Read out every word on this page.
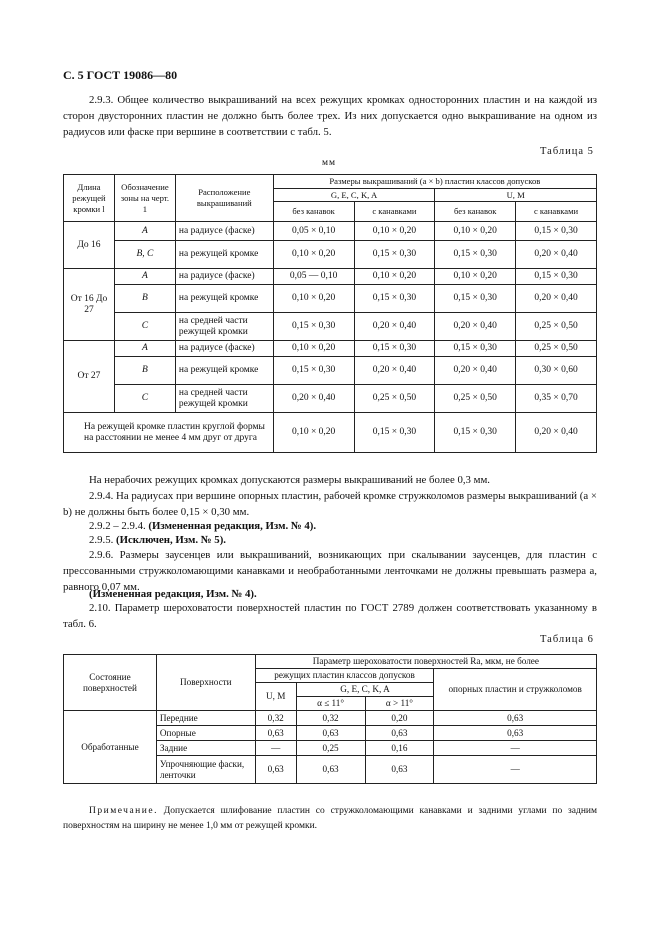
С. 5 ГОСТ 19086—80
2.9.3. Общее количество выкрашиваний на всех режущих кромках односторонних пластин и на каждой из сторон двусторонних пластин не должно быть более трех. Из них допускается одно выкрашивание на одном из радиусов или фаске при вершине в соответствии с табл. 5.
мм
Таблица 5
Длина режущей кромки l	Обозначение зоны на черт. 1	Расположение выкрашиваний	Размеры выкрашиваний (a × b) пластин классов допусков			
			G, E, C, K, A		U, M	
			без канавок	с канавками	без канавок	с канавками
До 16	A	на радиусе (фаске)	0,05 × 0,10	0,10 × 0,20	0,10 × 0,20	0,15 × 0,30
	B, C	на режущей кромке	0,10 × 0,20	0,15 × 0,30	0,15 × 0,30	0,20 × 0,40
От 16 До 27	A	на радиусе (фаске)	0,05 — 0,10	0,10 × 0,20	0,10 × 0,20	0,15 × 0,30
	B	на режущей кромке	0,10 × 0,20	0,15 × 0,30	0,15 × 0,30	0,20 × 0,40
	C	на средней части режущей кромки	0,15 × 0,30	0,20 × 0,40	0,20 × 0,40	0,25 × 0,50
От 27	A	на радиусе (фаске)	0,10 × 0,20	0,15 × 0,30	0,15 × 0,30	0,25 × 0,50
	B	на режущей кромке	0,15 × 0,30	0,20 × 0,40	0,20 × 0,40	0,30 × 0,60
	C	на средней части режущей кромки	0,20 × 0,40	0,25 × 0,50	0,25 × 0,50	0,35 × 0,70
На режущей кромке пластин круглой формы на расстоянии не менее 4 мм друг от друга			0,10 × 0,20	0,15 × 0,30	0,15 × 0,30	0,20 × 0,40
На нерабочих режущих кромках допускаются размеры выкрашиваний не более 0,3 мм.
2.9.4. На радиусах при вершине опорных пластин, рабочей кромке стружколомов размеры выкрашиваний (a × b) не должны быть более 0,15 × 0,30 мм.
2.9.2 – 2.9.4. (Измененная редакция, Изм. № 4).
2.9.5. (Исключен, Изм. № 5).
2.9.6. Размеры заусенцев или выкрашиваний, возникающих при скалывании заусенцев, для пластин с прессованными стружколомающими канавками и необработанными ленточками не должны превышать размера a, равного 0,07 мм.
(Измененная редакция, Изм. № 4).
2.10. Параметр шероховатости поверхностей пластин по ГОСТ 2789 должен соответствовать указанному в табл. 6.
Таблица 6
Состояние поверхностей	Поверхности	Параметр шероховатости поверхностей Ra, мкм, не более			
		режущих пластин классов допусков			опорных пластин и стружколомов
		U, M	G, E, C, K, A		
			α ≤ 11°	α > 11°	
Обработанные	Передние	0,32	0,32	0,20	0,63
	Опорные	0,63	0,63	0,63	0,63
	Задние	—	0,25	0,16	—
	Упрочняющие фаски, ленточки	0,63	0,63	0,63	—
Примечание. Допускается шлифование пластин со стружколомающими канавками и задними углами по задним поверхностям на ширину не менее 1,0 мм от режущей кромки.
